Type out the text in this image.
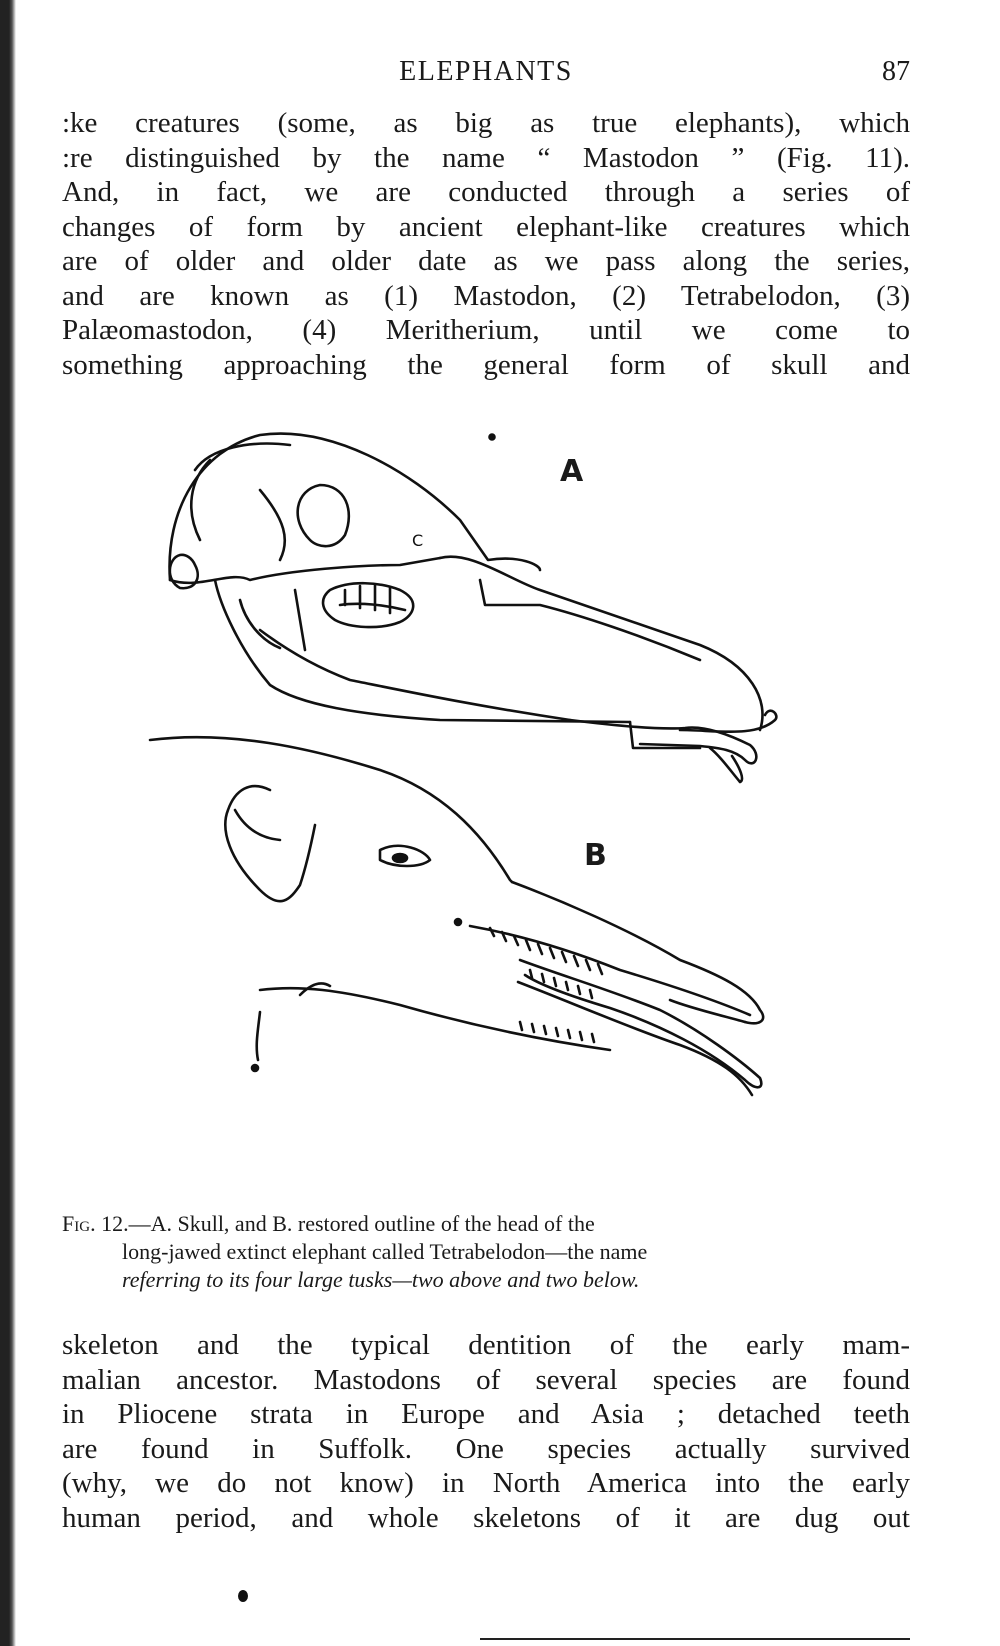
ELEPHANTS	87

:ke creatures (some, as big as true elephants), which
:re distinguished by the name “ Mastodon ” (Fig. 11).
And, in fact, we are conducted through a series of
changes of form by ancient elephant-like creatures which
are of older and older date as we pass along the series,
and are known as (1) Mastodon, (2) Tetrabelodon, (3)
Palæomastodon, (4) Meritherium, until we come to
something approaching the general form of skull and

C
A
B
Fig. 12.—A. Skull, and B. restored outline of the head of the
long-jawed extinct elephant called Tetrabelodon—the name
referring to its four large tusks—two above and two below.

skeleton and the typical dentition of the early mam-
malian ancestor. Mastodons of several species are found
in Pliocene strata in Europe and Asia ; detached teeth
are found in Suffolk. One species actually survived
(why, we do not know) in North America into the early
human period, and whole skeletons of it are dug out
